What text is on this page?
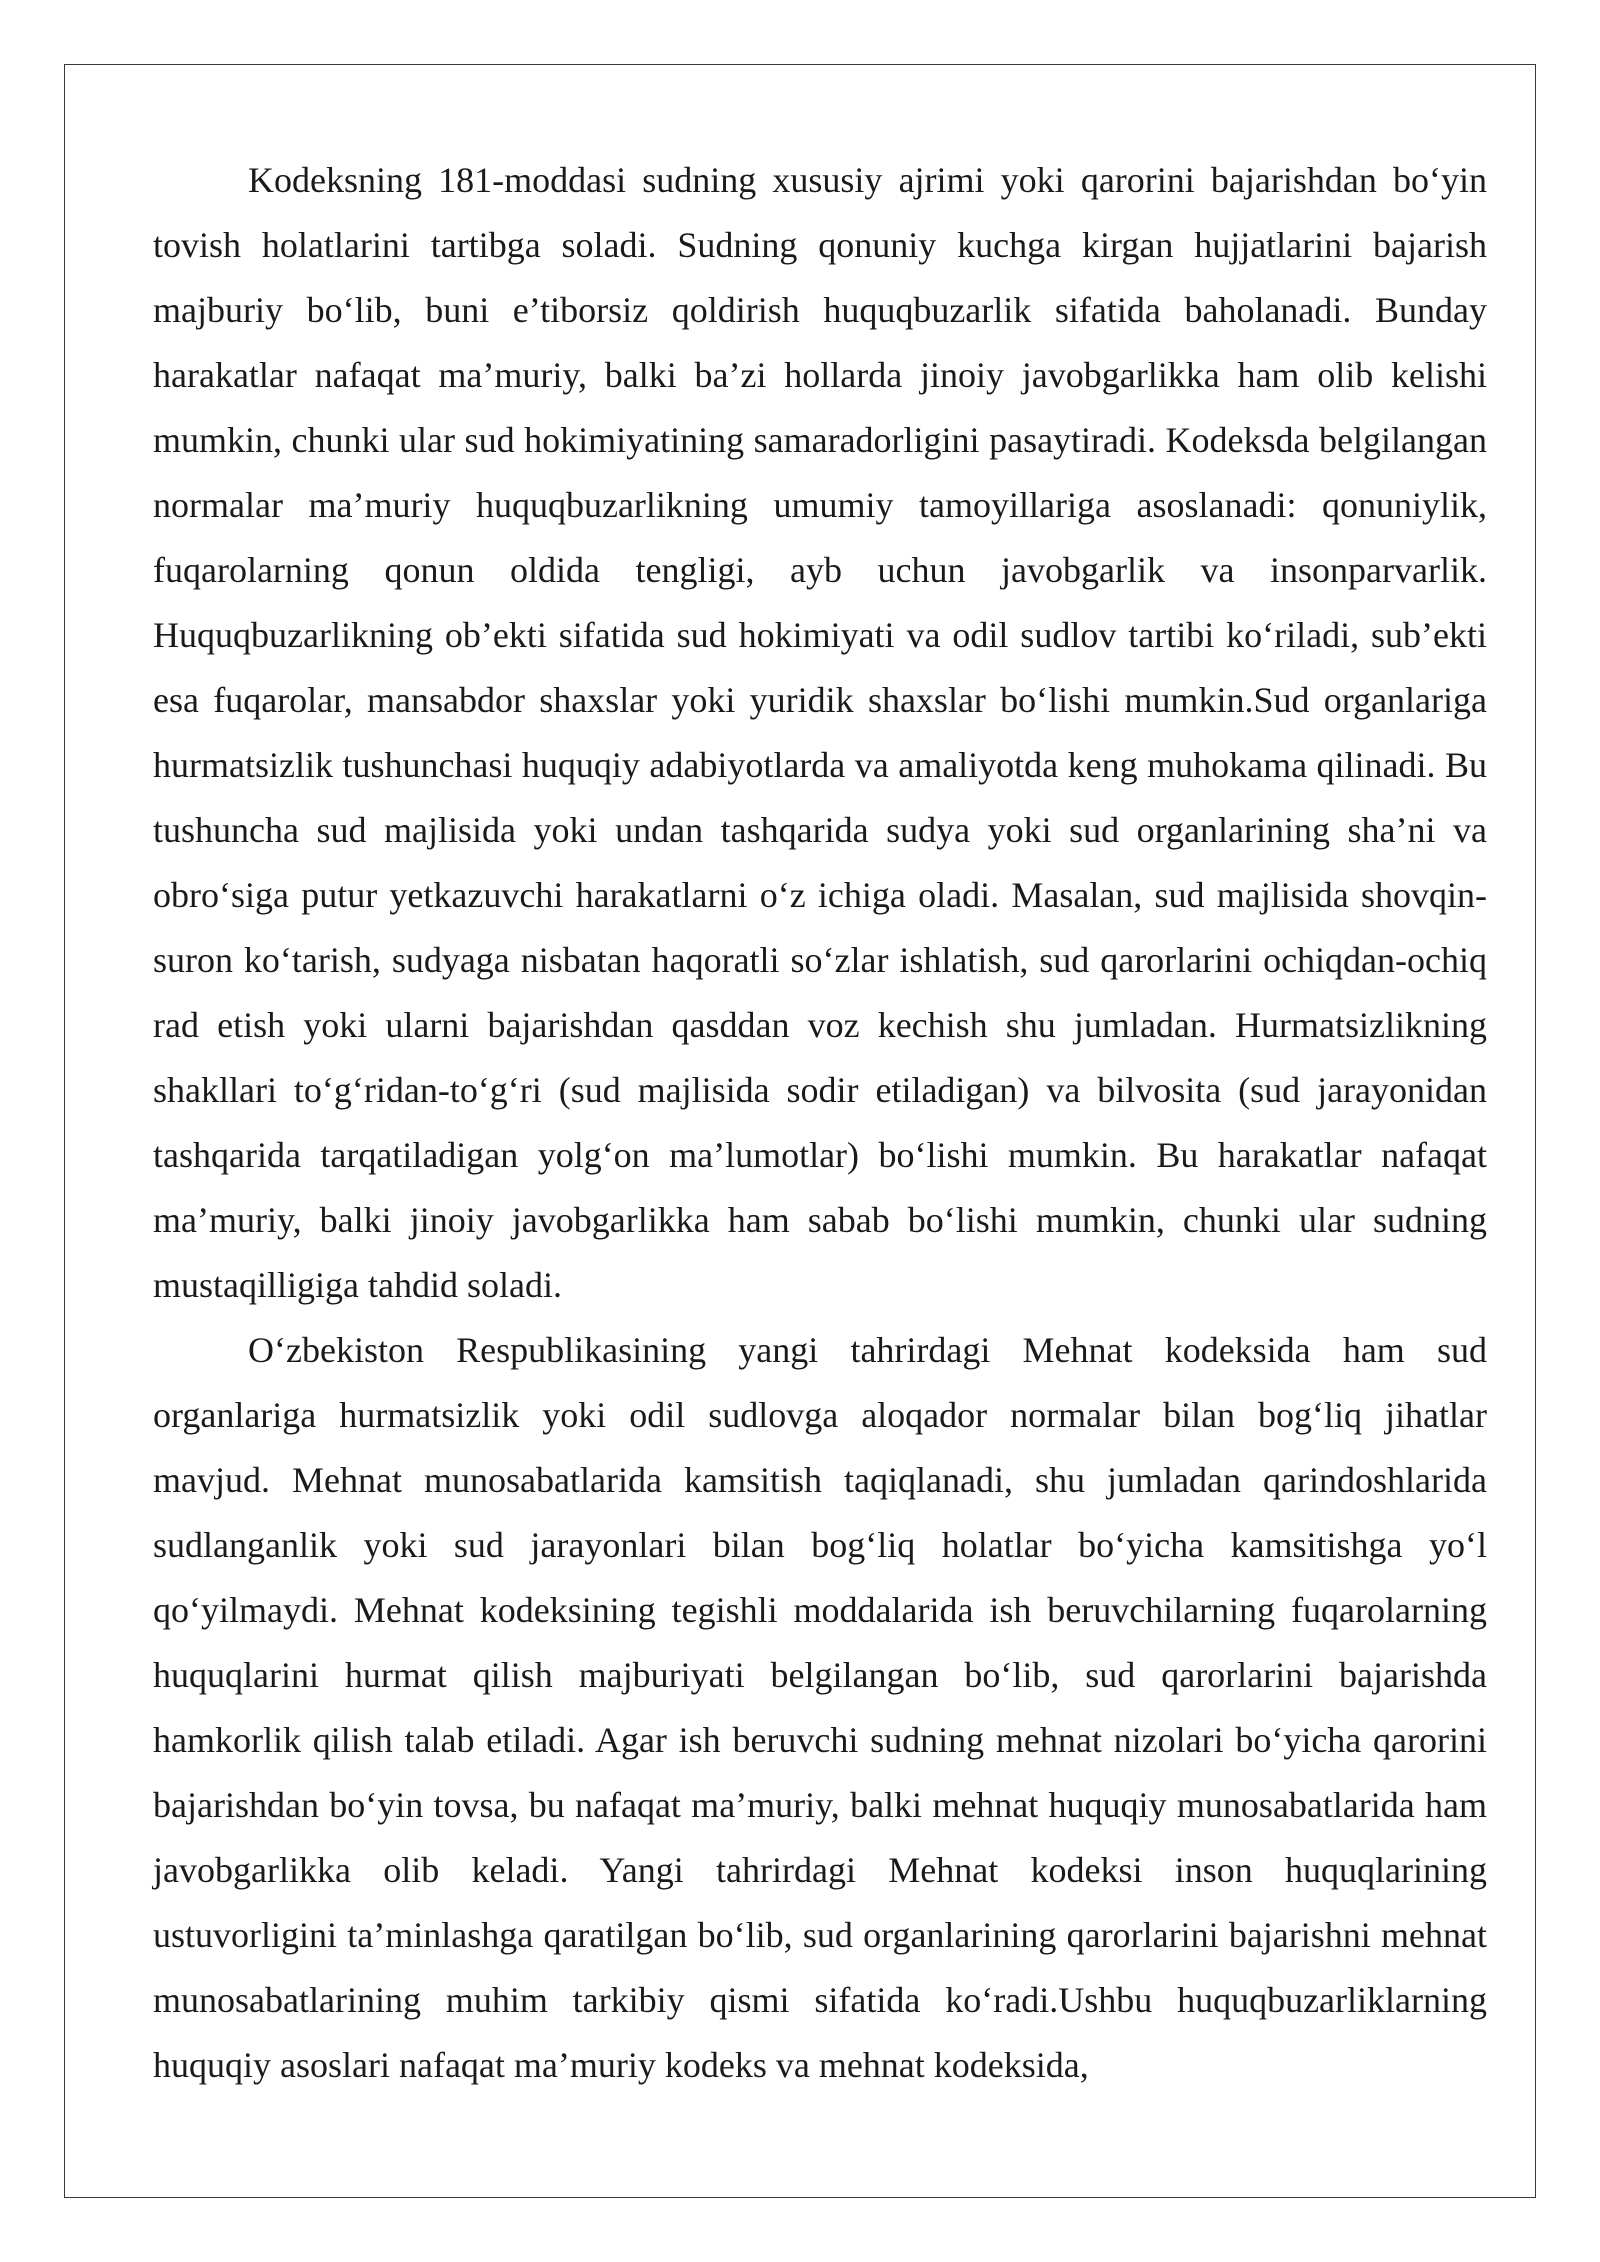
Kodeksning 181-moddasi sudning xususiy ajrimi yoki qarorini bajarishdan bo‘yin tovish holatlarini tartibga soladi. Sudning qonuniy kuchga kirgan hujjatlarini bajarish majburiy bo‘lib, buni e’tiborsiz qoldirish huquqbuzarlik sifatida baholanadi. Bunday harakatlar nafaqat ma’muriy, balki ba’zi hollarda jinoiy javobgarlikka ham olib kelishi mumkin, chunki ular sud hokimiyatining samaradorligini pasaytiradi. Kodeksda belgilangan normalar ma’muriy huquqbuzarlikning umumiy tamoyillariga asoslanadi: qonuniylik, fuqarolarning qonun oldida tengligi, ayb uchun javobgarlik va insonparvarlik. Huquqbuzarlikning ob’ekti sifatida sud hokimiyati va odil sudlov tartibi ko‘riladi, sub’ekti esa fuqarolar, mansabdor shaxslar yoki yuridik shaxslar bo‘lishi mumkin.Sud organlariga hurmatsizlik tushunchasi huquqiy adabiyotlarda va amaliyotda keng muhokama qilinadi. Bu tushuncha sud majlisida yoki undan tashqarida sudya yoki sud organlarining sha’ni va obro‘siga putur yetkazuvchi harakatlarni o‘z ichiga oladi. Masalan, sud majlisida shovqin-suron ko‘tarish, sudyaga nisbatan haqoratli so‘zlar ishlatish, sud qarorlarini ochiqdan-ochiq rad etish yoki ularni bajarishdan qasddan voz kechish shu jumladan. Hurmatsizlikning shakllari to‘g‘ridan-to‘g‘ri (sud majlisida sodir etiladigan) va bilvosita (sud jarayonidan tashqarida tarqatiladigan yolg‘on ma’lumotlar) bo‘lishi mumkin. Bu harakatlar nafaqat ma’muriy, balki jinoiy javobgarlikka ham sabab bo‘lishi mumkin, chunki ular sudning mustaqilligiga tahdid soladi.

O‘zbekiston Respublikasining yangi tahrirdagi Mehnat kodeksida ham sud organlariga hurmatsizlik yoki odil sudlovga aloqador normalar bilan bog‘liq jihatlar mavjud. Mehnat munosabatlarida kamsitish taqiqlanadi, shu jumladan qarindoshlarida sudlanganlik yoki sud jarayonlari bilan bog‘liq holatlar bo‘yicha kamsitishga yo‘l qo‘yilmaydi. Mehnat kodeksining tegishli moddalarida ish beruvchilarning fuqarolarning huquqlarini hurmat qilish majburiyati belgilangan bo‘lib, sud qarorlarini bajarishda hamkorlik qilish talab etiladi. Agar ish beruvchi sudning mehnat nizolari bo‘yicha qarorini bajarishdan bo‘yin tovsa, bu nafaqat ma’muriy, balki mehnat huquqiy munosabatlarida ham javobgarlikka olib keladi. Yangi tahrirdagi Mehnat kodeksi inson huquqlarining ustuvorligini ta’minlashga qaratilgan bo‘lib, sud organlarining qarorlarini bajarishni mehnat munosabatlarining muhim tarkibiy qismi sifatida ko‘radi.Ushbu huquqbuzarliklarning huquqiy asoslari nafaqat ma’muriy kodeks va mehnat kodeksida,
